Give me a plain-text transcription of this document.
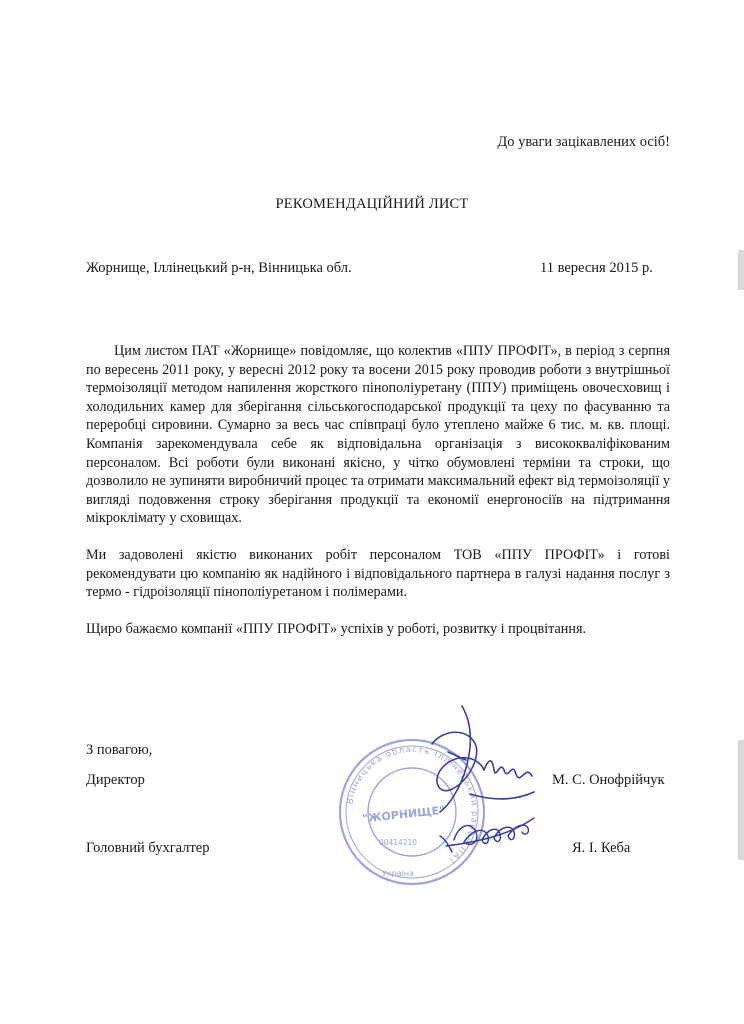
До уваги зацікавлених осіб!
РЕКОМЕНДАЦІЙНИЙ ЛИСТ
Жорнище, Іллінецький р-н, Вінницька обл.	11 вересня 2015 р.
Цим листом ПАТ «Жорнище» повідомляє, що колектив «ППУ ПРОФІТ», в період з серпня по вересень 2011 року, у вересні 2012 року та восени 2015 року проводив роботи з внутрішньої термоізоляції методом напилення жорсткого пінополіуретану (ППУ) приміщень овочесховищ і холодильних камер для зберігання сільськогосподарської продукції та цеху по фасуванню та переробці сировини. Сумарно за весь час співпраці було утеплено майже 6 тис. м. кв. площі. Компанія зарекомендувала себе як відповідальна організація з висококваліфікованим персоналом. Всі роботи були виконані якісно, у чітко обумовлені терміни та строки, що дозволило не зупиняти виробничий процес та отримати максимальний ефект від термоізоляції у вигляді подовження строку зберігання продукції та економії енергоносіїв на підтримання мікроклімату у сховищах.
Ми задоволені якістю виконаних робіт персоналом ТОВ «ППУ ПРОФІТ» і готові рекомендувати цю компанію як надійного і відповідального партнера в галузі надання послуг з термо - гідроізоляції пінополіуретаном і полімерами.
Щиро бажаємо компанії «ППУ ПРОФІТ» успіхів у роботі, розвитку і процвітання.
З повагою,
Директор	М. С. Онофрійчук
Головний бухгалтер	Я. І. Кеба
Вінницька область Іллінецький район ПАТ
"ЖОРНИЩЕ"
00414210
Україна
